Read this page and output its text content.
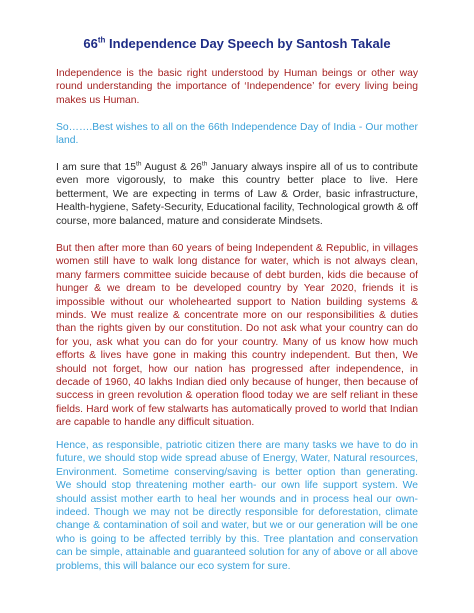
66th Independence Day Speech by Santosh Takale

Independence is the basic right understood by Human beings or other way round understanding the importance of ‘Independence’ for every living being makes us Human.

So…….Best wishes to all on the 66th Independence Day of India - Our mother land.

I am sure that 15th August & 26th January always inspire all of us to contribute even more vigorously, to make this country better place to live. Here betterment, We are expecting in terms of Law & Order, basic infrastructure, Health-hygiene, Safety-Security, Educational facility, Technological growth & off course, more balanced, mature and considerate Mindsets.

But then after more than 60 years of being Independent & Republic, in villages women still have to walk long distance for water, which is not always clean, many farmers committee suicide because of debt burden, kids die because of hunger & we dream to be developed country by Year 2020, friends it is impossible without our wholehearted support to Nation building systems & minds. We must realize & concentrate more on our responsibilities & duties than the rights given by our constitution. Do not ask what your country can do for you, ask what you can do for your country. Many of us know how much efforts & lives have gone in making this country independent. But then, We should not forget, how our nation has progressed after independence, in decade of 1960, 40 lakhs Indian died only because of hunger, then because of success in green revolution & operation flood today we are self reliant in these fields. Hard work of few stalwarts has automatically proved to world that Indian are capable to handle any difficult situation.

Hence, as responsible, patriotic citizen there are many tasks we have to do in future, we should stop wide spread abuse of Energy, Water, Natural resources, Environment. Sometime conserving/saving is better option than generating. We should stop threatening mother earth- our own life support system. We should assist mother earth to heal her wounds and in process heal our own-indeed. Though we may not be directly responsible for deforestation, climate change & contamination of soil and water, but we or our generation will be one who is going to be affected terribly by this. Tree plantation and conservation can be simple, attainable and guaranteed solution for any of above or all above problems, this will balance our eco system for sure.
